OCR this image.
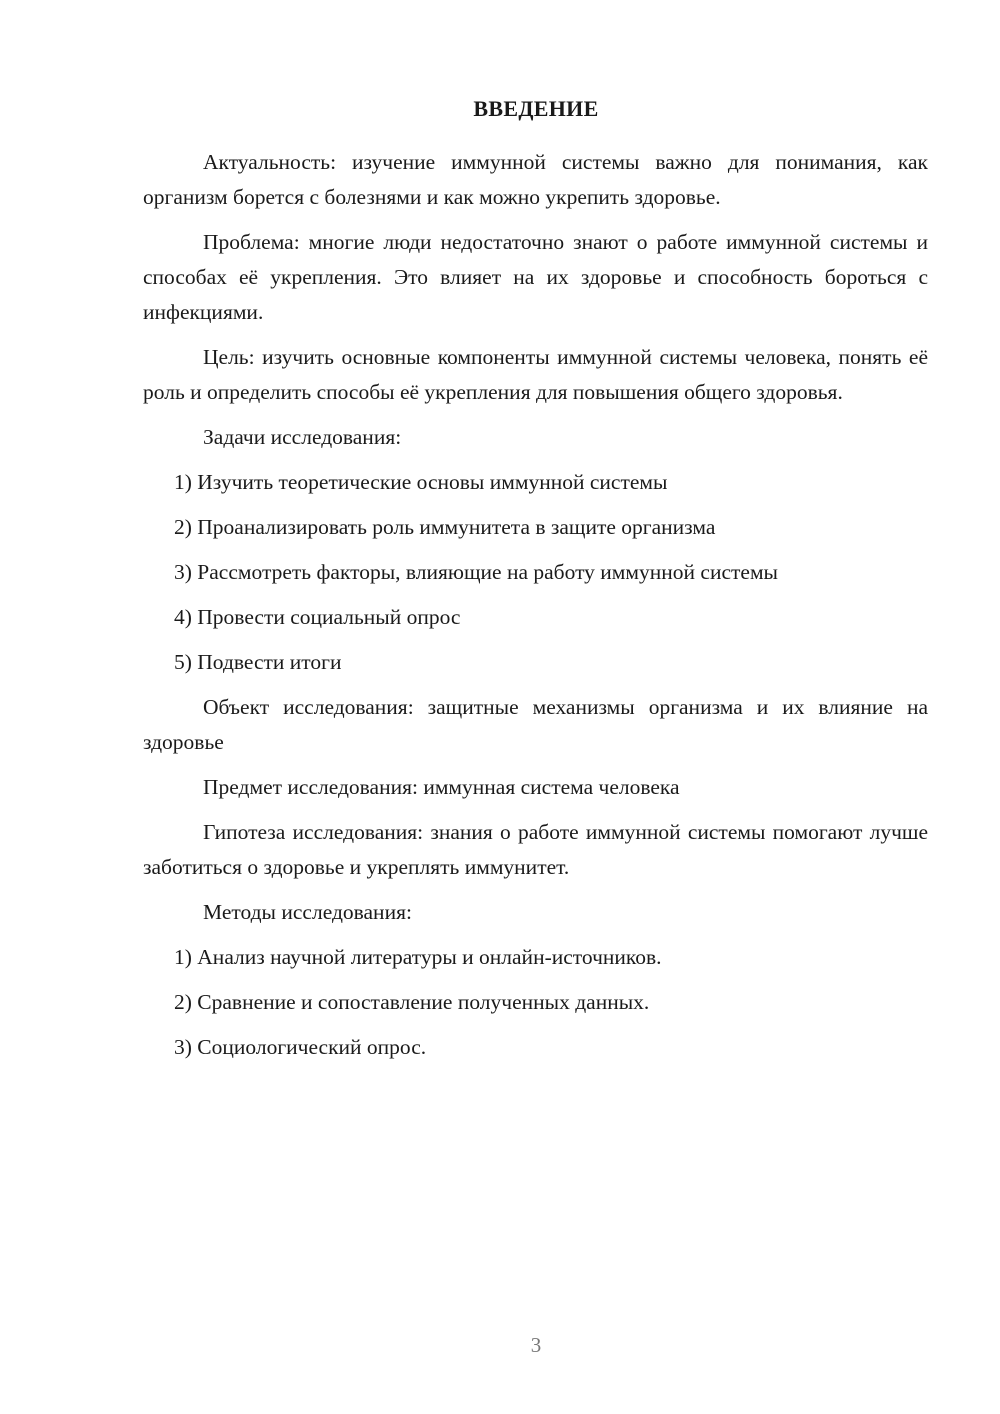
ВВЕДЕНИЕ

Актуальность: изучение иммунной системы важно для понимания, как организм борется с болезнями и как можно укрепить здоровье.

Проблема: многие люди недостаточно знают о работе иммунной системы и способах её укрепления. Это влияет на их здоровье и способность бороться с инфекциями.

Цель: изучить основные компоненты иммунной системы человека, понять её роль и определить способы её укрепления для повышения общего здоровья.

Задачи исследования:

1) Изучить теоретические основы иммунной системы
2) Проанализировать роль иммунитета в защите организма
3) Рассмотреть факторы, влияющие на работу иммунной системы
4) Провести социальный опрос
5) Подвести итоги

Объект исследования: защитные механизмы организма и их влияние на здоровье

Предмет исследования: иммунная система человека

Гипотеза исследования: знания о работе иммунной системы помогают лучше заботиться о здоровье и укреплять иммунитет.

Методы исследования:

1) Анализ научной литературы и онлайн-источников.
2) Сравнение и сопоставление полученных данных.
3) Социологический опрос.
3
